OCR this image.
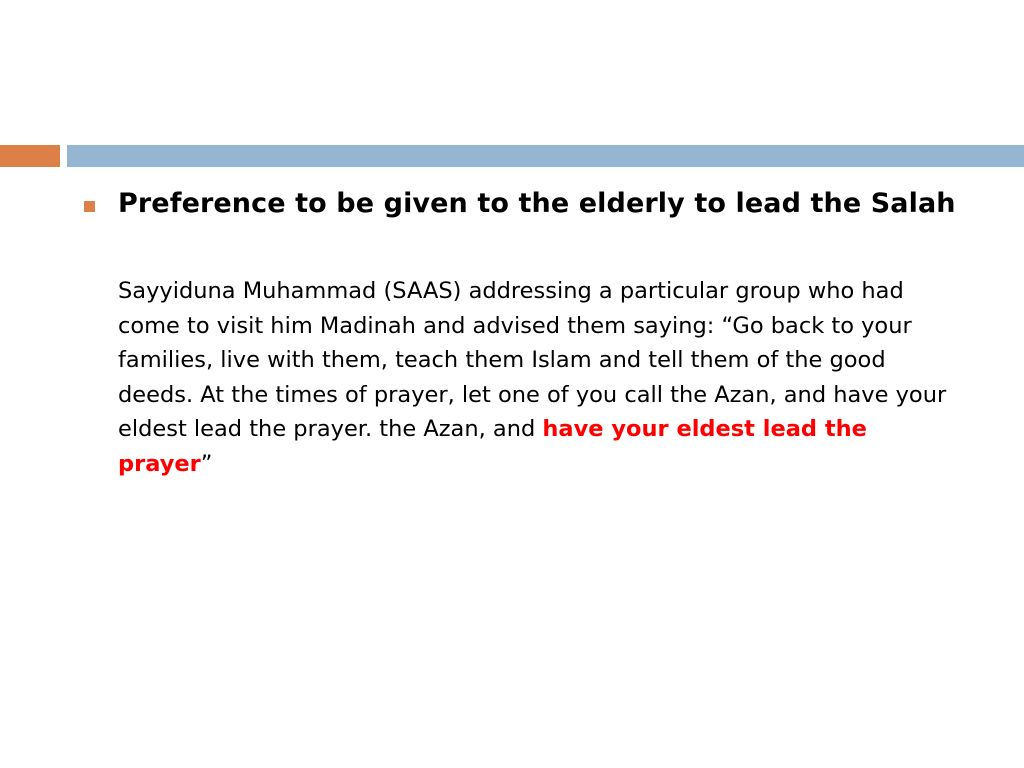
Preference to be given to the elderly to lead the Salah

Sayyiduna Muhammad (SAAS) addressing a particular group who had come to visit him Madinah and advised them saying: “Go back to your families, live with them, teach them Islam and tell them of the good deeds. At the times of prayer, let one of you call the Azan, and have your eldest lead the prayer. the Azan, and have your eldest lead the prayer”
